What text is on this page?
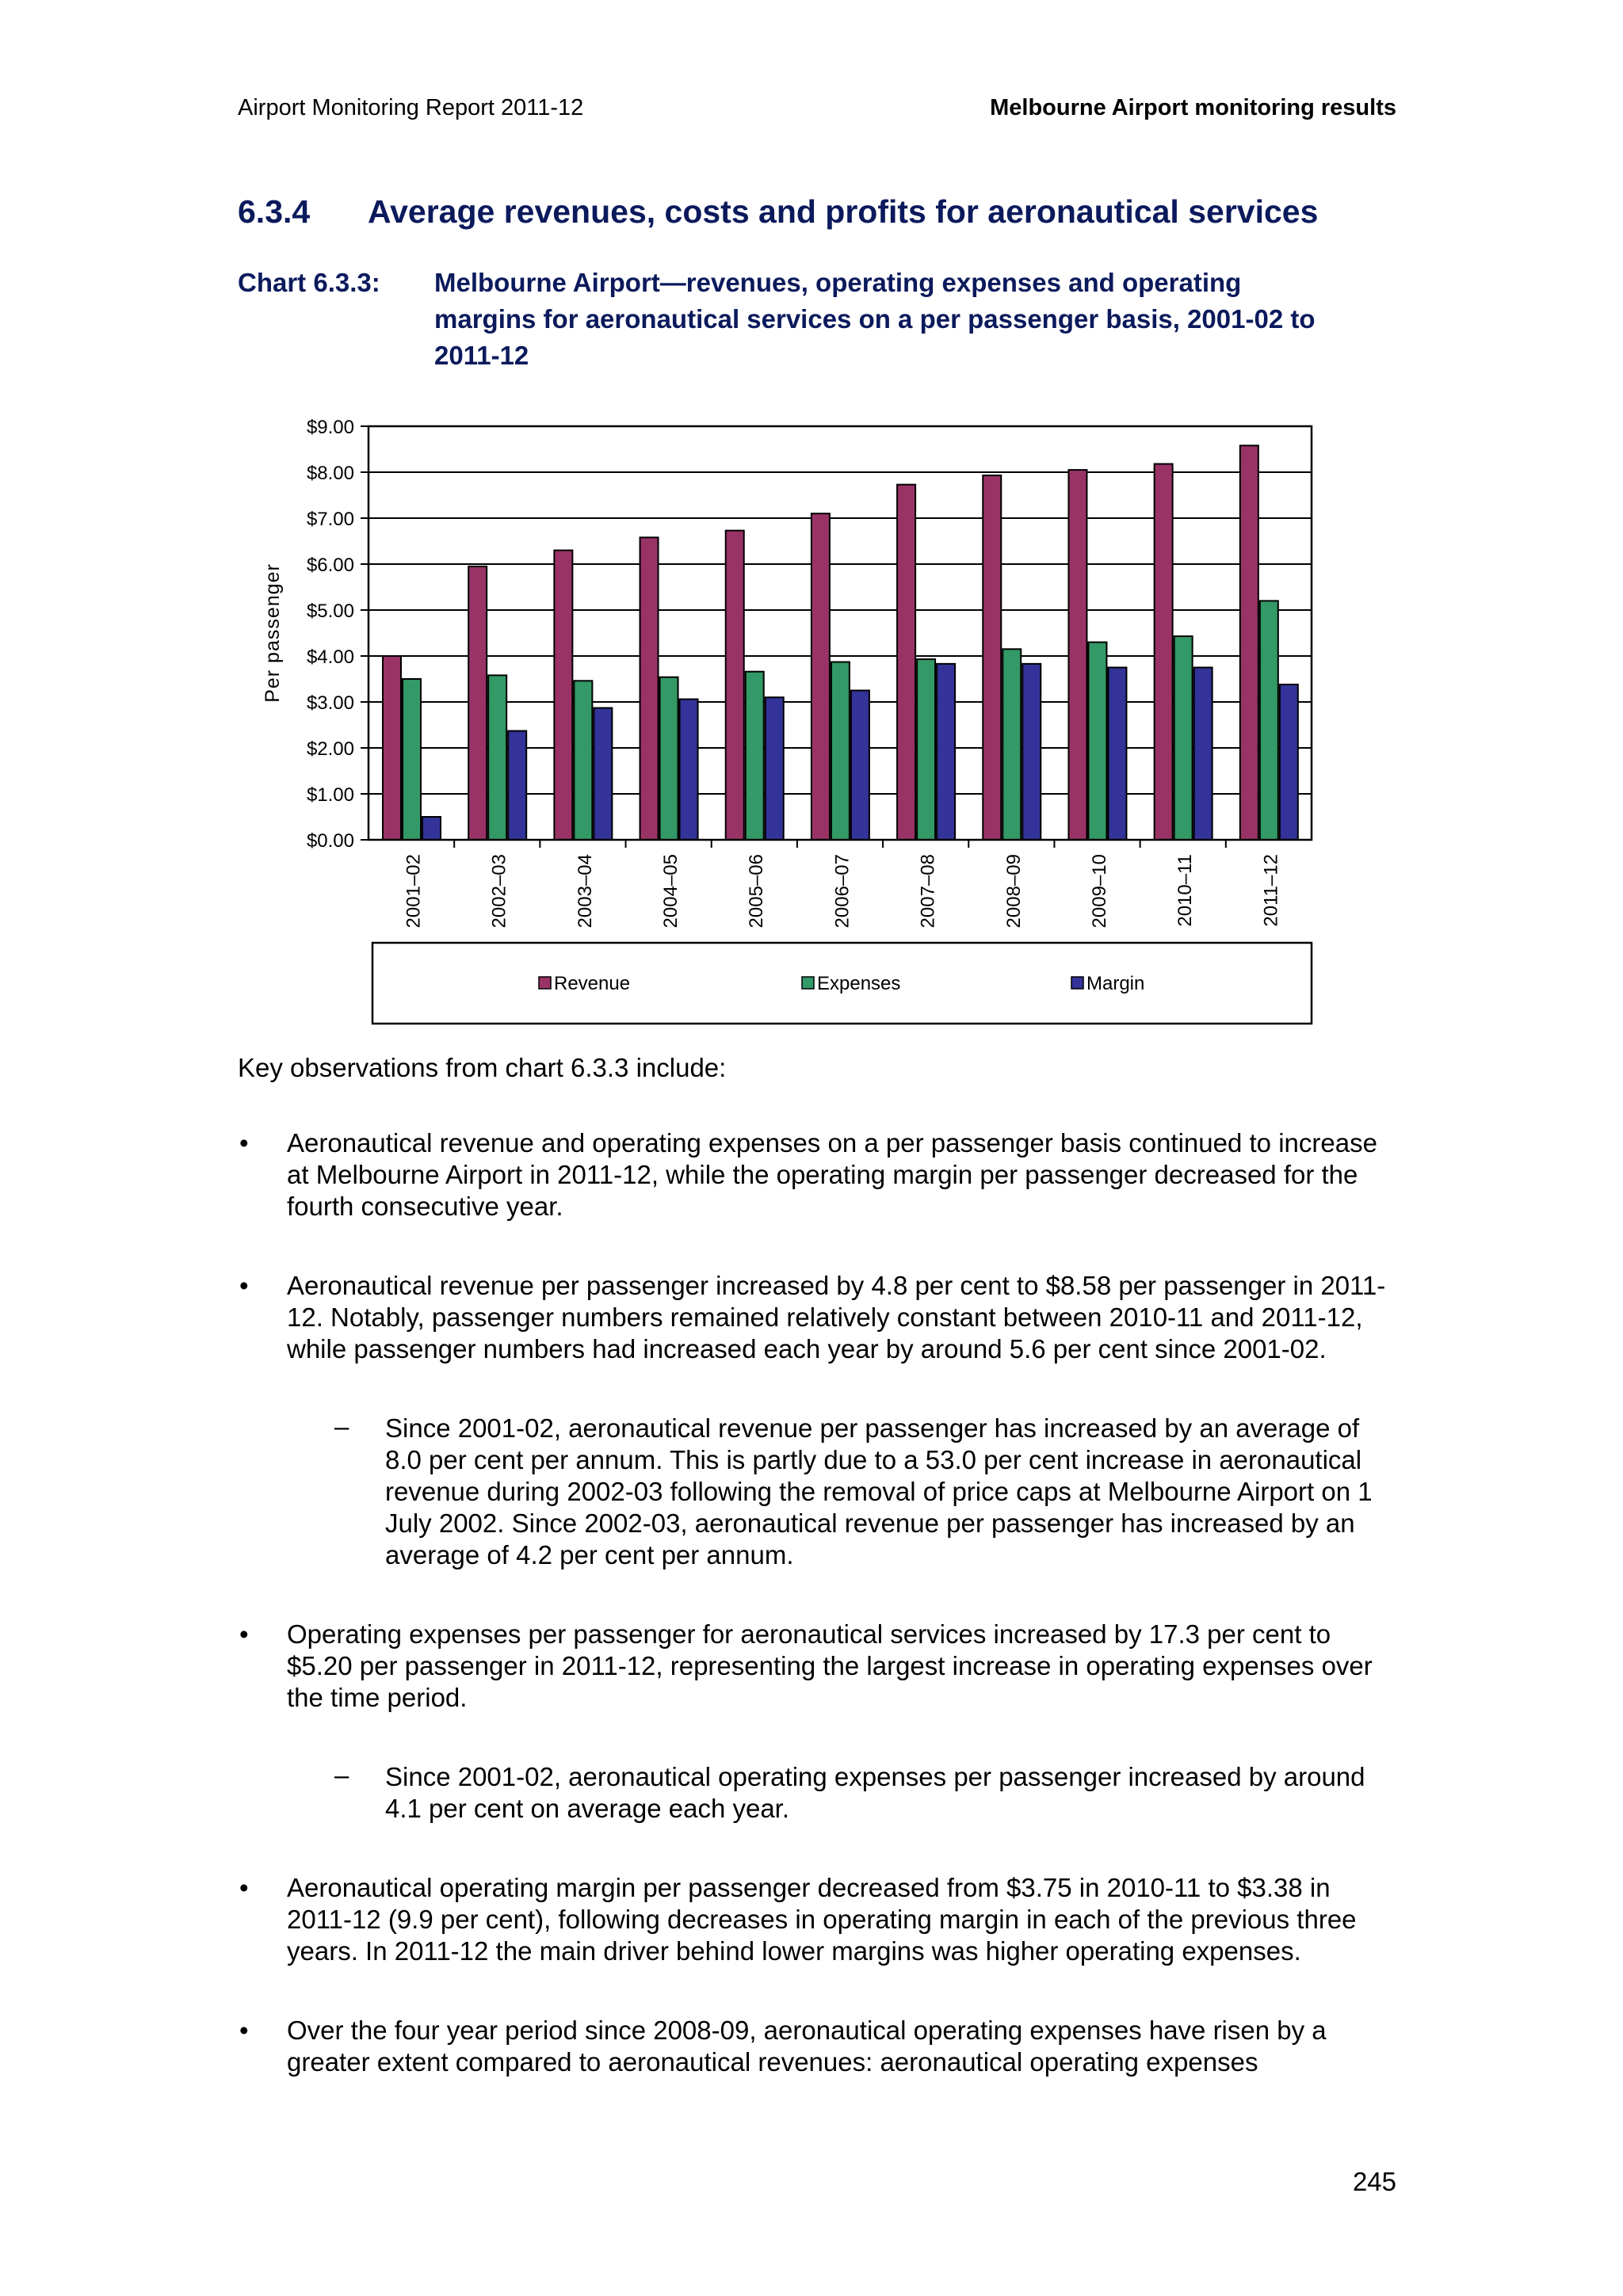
Airport Monitoring Report 2011-12	Melbourne Airport monitoring results
6.3.4 Average revenues, costs and profits for aeronautical services
Chart 6.3.3: Melbourne Airport—revenues, operating expenses and operating margins for aeronautical services on a per passenger basis, 2001-02 to 2011-12
$0.00
$1.00
$2.00
$3.00
$4.00
$5.00
$6.00
$7.00
$8.00
$9.00
Per passenger
2001–02	2002–03	2003–04	2004–05	2005–06	2006–07	2007–08	2008–09	2009–10	2010–11	2011–12
Revenue	Expenses	Margin

Key observations from chart 6.3.3 include:

• Aeronautical revenue and operating expenses on a per passenger basis continued to increase at Melbourne Airport in 2011-12, while the operating margin per passenger decreased for the fourth consecutive year.
• Aeronautical revenue per passenger increased by 4.8 per cent to $8.58 per passenger in 2011-12. Notably, passenger numbers remained relatively constant between 2010-11 and 2011-12, while passenger numbers had increased each year by around 5.6 per cent since 2001-02.
– Since 2001-02, aeronautical revenue per passenger has increased by an average of 8.0 per cent per annum. This is partly due to a 53.0 per cent increase in aeronautical revenue during 2002-03 following the removal of price caps at Melbourne Airport on 1 July 2002. Since 2002-03, aeronautical revenue per passenger has increased by an average of 4.2 per cent per annum.
• Operating expenses per passenger for aeronautical services increased by 17.3 per cent to $5.20 per passenger in 2011-12, representing the largest increase in operating expenses over the time period.
– Since 2001-02, aeronautical operating expenses per passenger increased by around 4.1 per cent on average each year.
• Aeronautical operating margin per passenger decreased from $3.75 in 2010-11 to $3.38 in 2011-12 (9.9 per cent), following decreases in operating margin in each of the previous three years. In 2011-12 the main driver behind lower margins was higher operating expenses.
• Over the four year period since 2008-09, aeronautical operating expenses have risen by a greater extent compared to aeronautical revenues: aeronautical operating expenses
245
